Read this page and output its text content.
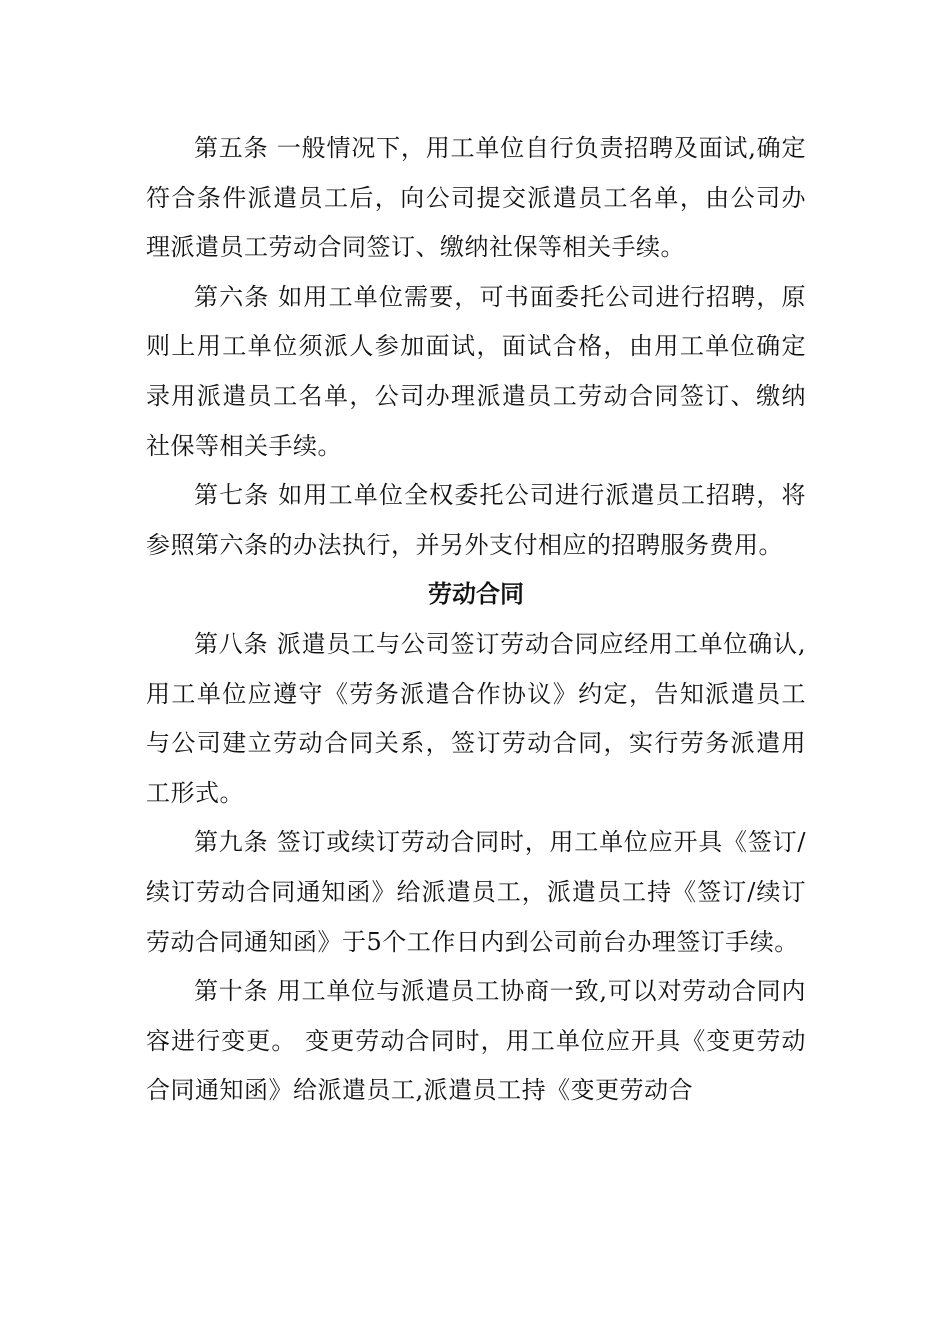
第五条 一般情况下，用工单位自行负责招聘及面试,确定符合条件派遣员工后，向公司提交派遣员工名单，由公司办理派遣员工劳动合同签订、缴纳社保等相关手续。

第六条 如用工单位需要，可书面委托公司进行招聘，原则上用工单位须派人参加面试，面试合格，由用工单位确定录用派遣员工名单，公司办理派遣员工劳动合同签订、缴纳社保等相关手续。

第七条 如用工单位全权委托公司进行派遣员工招聘，将参照第六条的办法执行，并另外支付相应的招聘服务费用。

劳动合同

第八条 派遣员工与公司签订劳动合同应经用工单位确认,用工单位应遵守《劳务派遣合作协议》约定，告知派遣员工与公司建立劳动合同关系，签订劳动合同，实行劳务派遣用工形式。

第九条 签订或续订劳动合同时，用工单位应开具《签订/续订劳动合同通知函》给派遣员工，派遣员工持《签订/续订劳动合同通知函》于5个工作日内到公司前台办理签订手续。

第十条 用工单位与派遣员工协商一致,可以对劳动合同内容进行变更。 变更劳动合同时，用工单位应开具《变更劳动合同通知函》给派遣员工,派遣员工持《变更劳动合
